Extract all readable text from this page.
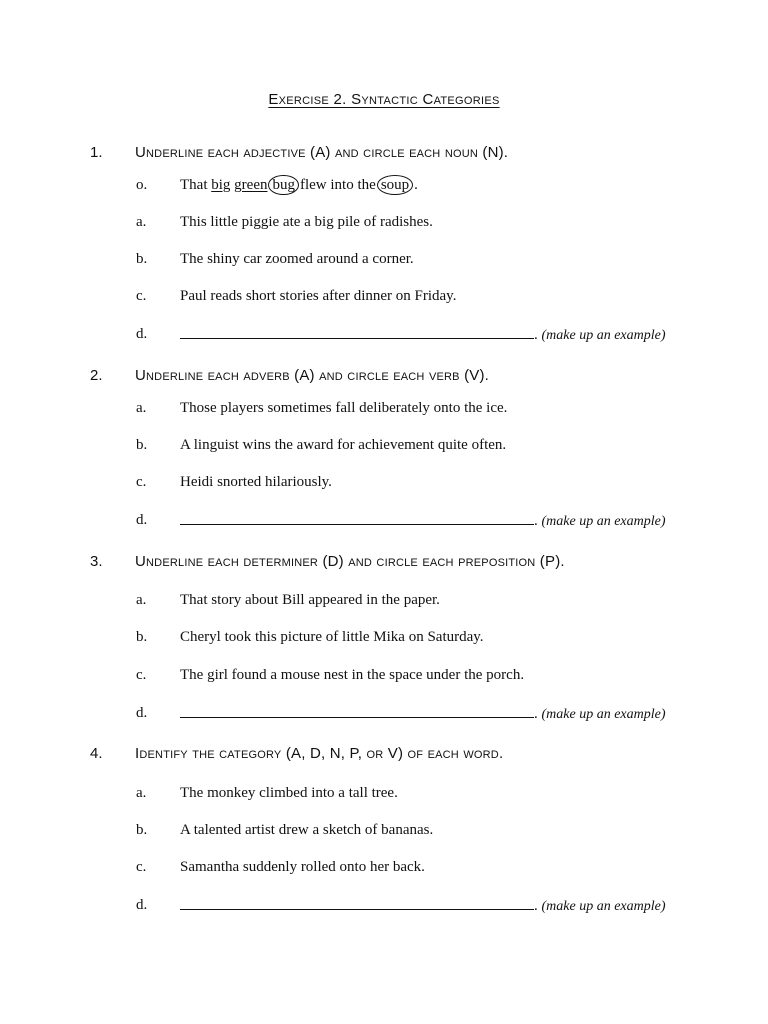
Exercise 2. Syntactic Categories
1. Underline each adjective (A) and circle each noun (N).
o. That big green bug flew into the soup .
a. This little piggie ate a big pile of radishes.
b. The shiny car zoomed around a corner.
c. Paul reads short stories after dinner on Friday.
d.	. (make up an example)
2. Underline each adverb (A) and circle each verb (V).
a. Those players sometimes fall deliberately onto the ice.
b. A linguist wins the award for achievement quite often.
c. Heidi snorted hilariously.
d.	. (make up an example)
3. Underline each determiner (D) and circle each preposition (P).
a. That story about Bill appeared in the paper.
b. Cheryl took this picture of little Mika on Saturday.
c. The girl found a mouse nest in the space under the porch.
d.	. (make up an example)
4. Identify the category (A, D, N, P, or V) of each word.
a. The monkey climbed into a tall tree.
b. A talented artist drew a sketch of bananas.
c. Samantha suddenly rolled onto her back.
d.	. (make up an example)
